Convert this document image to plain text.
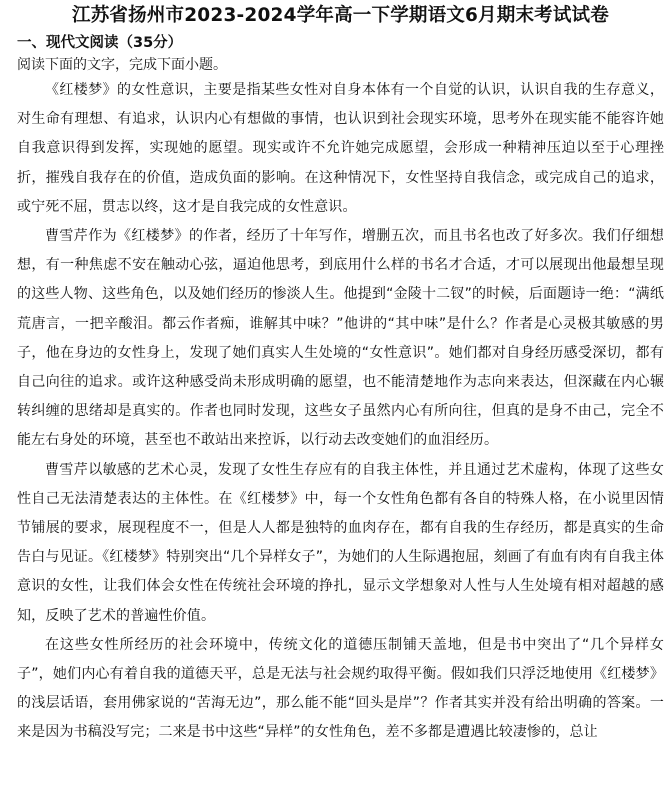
江苏省扬州市2023-2024学年高一下学期语文6月期末考试试卷
一、现代文阅读（35分）
阅读下面的文字，完成下面小题。

《红楼梦》的女性意识，主要是指某些女性对自身本体有一个自觉的认识，认识自我的生存意义，对生命有理想、有追求，认识内心有想做的事情，也认识到社会现实环境，思考外在现实能不能容许她自我意识得到发挥，实现她的愿望。现实或许不允许她完成愿望，会形成一种精神压迫以至于心理挫折，摧残自我存在的价值，造成负面的影响。在这种情况下，女性坚持自我信念，或完成自己的追求，或宁死不屈，贯志以终，这才是自我完成的女性意识。

曹雪芹作为《红楼梦》的作者，经历了十年写作，增删五次，而且书名也改了好多次。我们仔细想想，有一种焦虑不安在触动心弦，逼迫他思考，到底用什么样的书名才合适，才可以展现出他最想呈现的这些人物、这些角色，以及她们经历的惨淡人生。他提到“金陵十二钗”的时候，后面题诗一绝：“满纸荒唐言，一把辛酸泪。都云作者痴，谁解其中味？”他讲的“其中味”是什么？作者是心灵极其敏感的男子，他在身边的女性身上，发现了她们真实人生处境的“女性意识”。她们都对自身经历感受深切，都有自己向往的追求。或许这种感受尚未形成明确的愿望，也不能清楚地作为志向来表达，但深藏在内心辗转纠缠的思绪却是真实的。作者也同时发现，这些女子虽然内心有所向往，但真的是身不由己，完全不能左右身处的环境，甚至也不敢站出来控诉，以行动去改变她们的血泪经历。

曹雪芹以敏感的艺术心灵，发现了女性生存应有的自我主体性，并且通过艺术虚构，体现了这些女性自己无法清楚表达的主体性。在《红楼梦》中，每一个女性角色都有各自的特殊人格，在小说里因情节铺展的要求，展现程度不一，但是人人都是独特的血肉存在，都有自我的生存经历，都是真实的生命告白与见证。《红楼梦》特别突出“几个异样女子”，为她们的人生际遇抱屈，刻画了有血有肉有自我主体意识的女性，让我们体会女性在传统社会环境的挣扎，显示文学想象对人性与人生处境有相对超越的感知，反映了艺术的普遍性价值。

在这些女性所经历的社会环境中，传统文化的道德压制铺天盖地，但是书中突出了“几个异样女子”，她们内心有着自我的道德天平，总是无法与社会规约取得平衡。假如我们只浮泛地使用《红楼梦》的浅层话语，套用佛家说的“苦海无边”，那么能不能“回头是岸”？作者其实并没有给出明确的答案。一来是因为书稿没写完；二来是书中这些“异样”的女性角色，差不多都是遭遇比较凄惨的，总让
